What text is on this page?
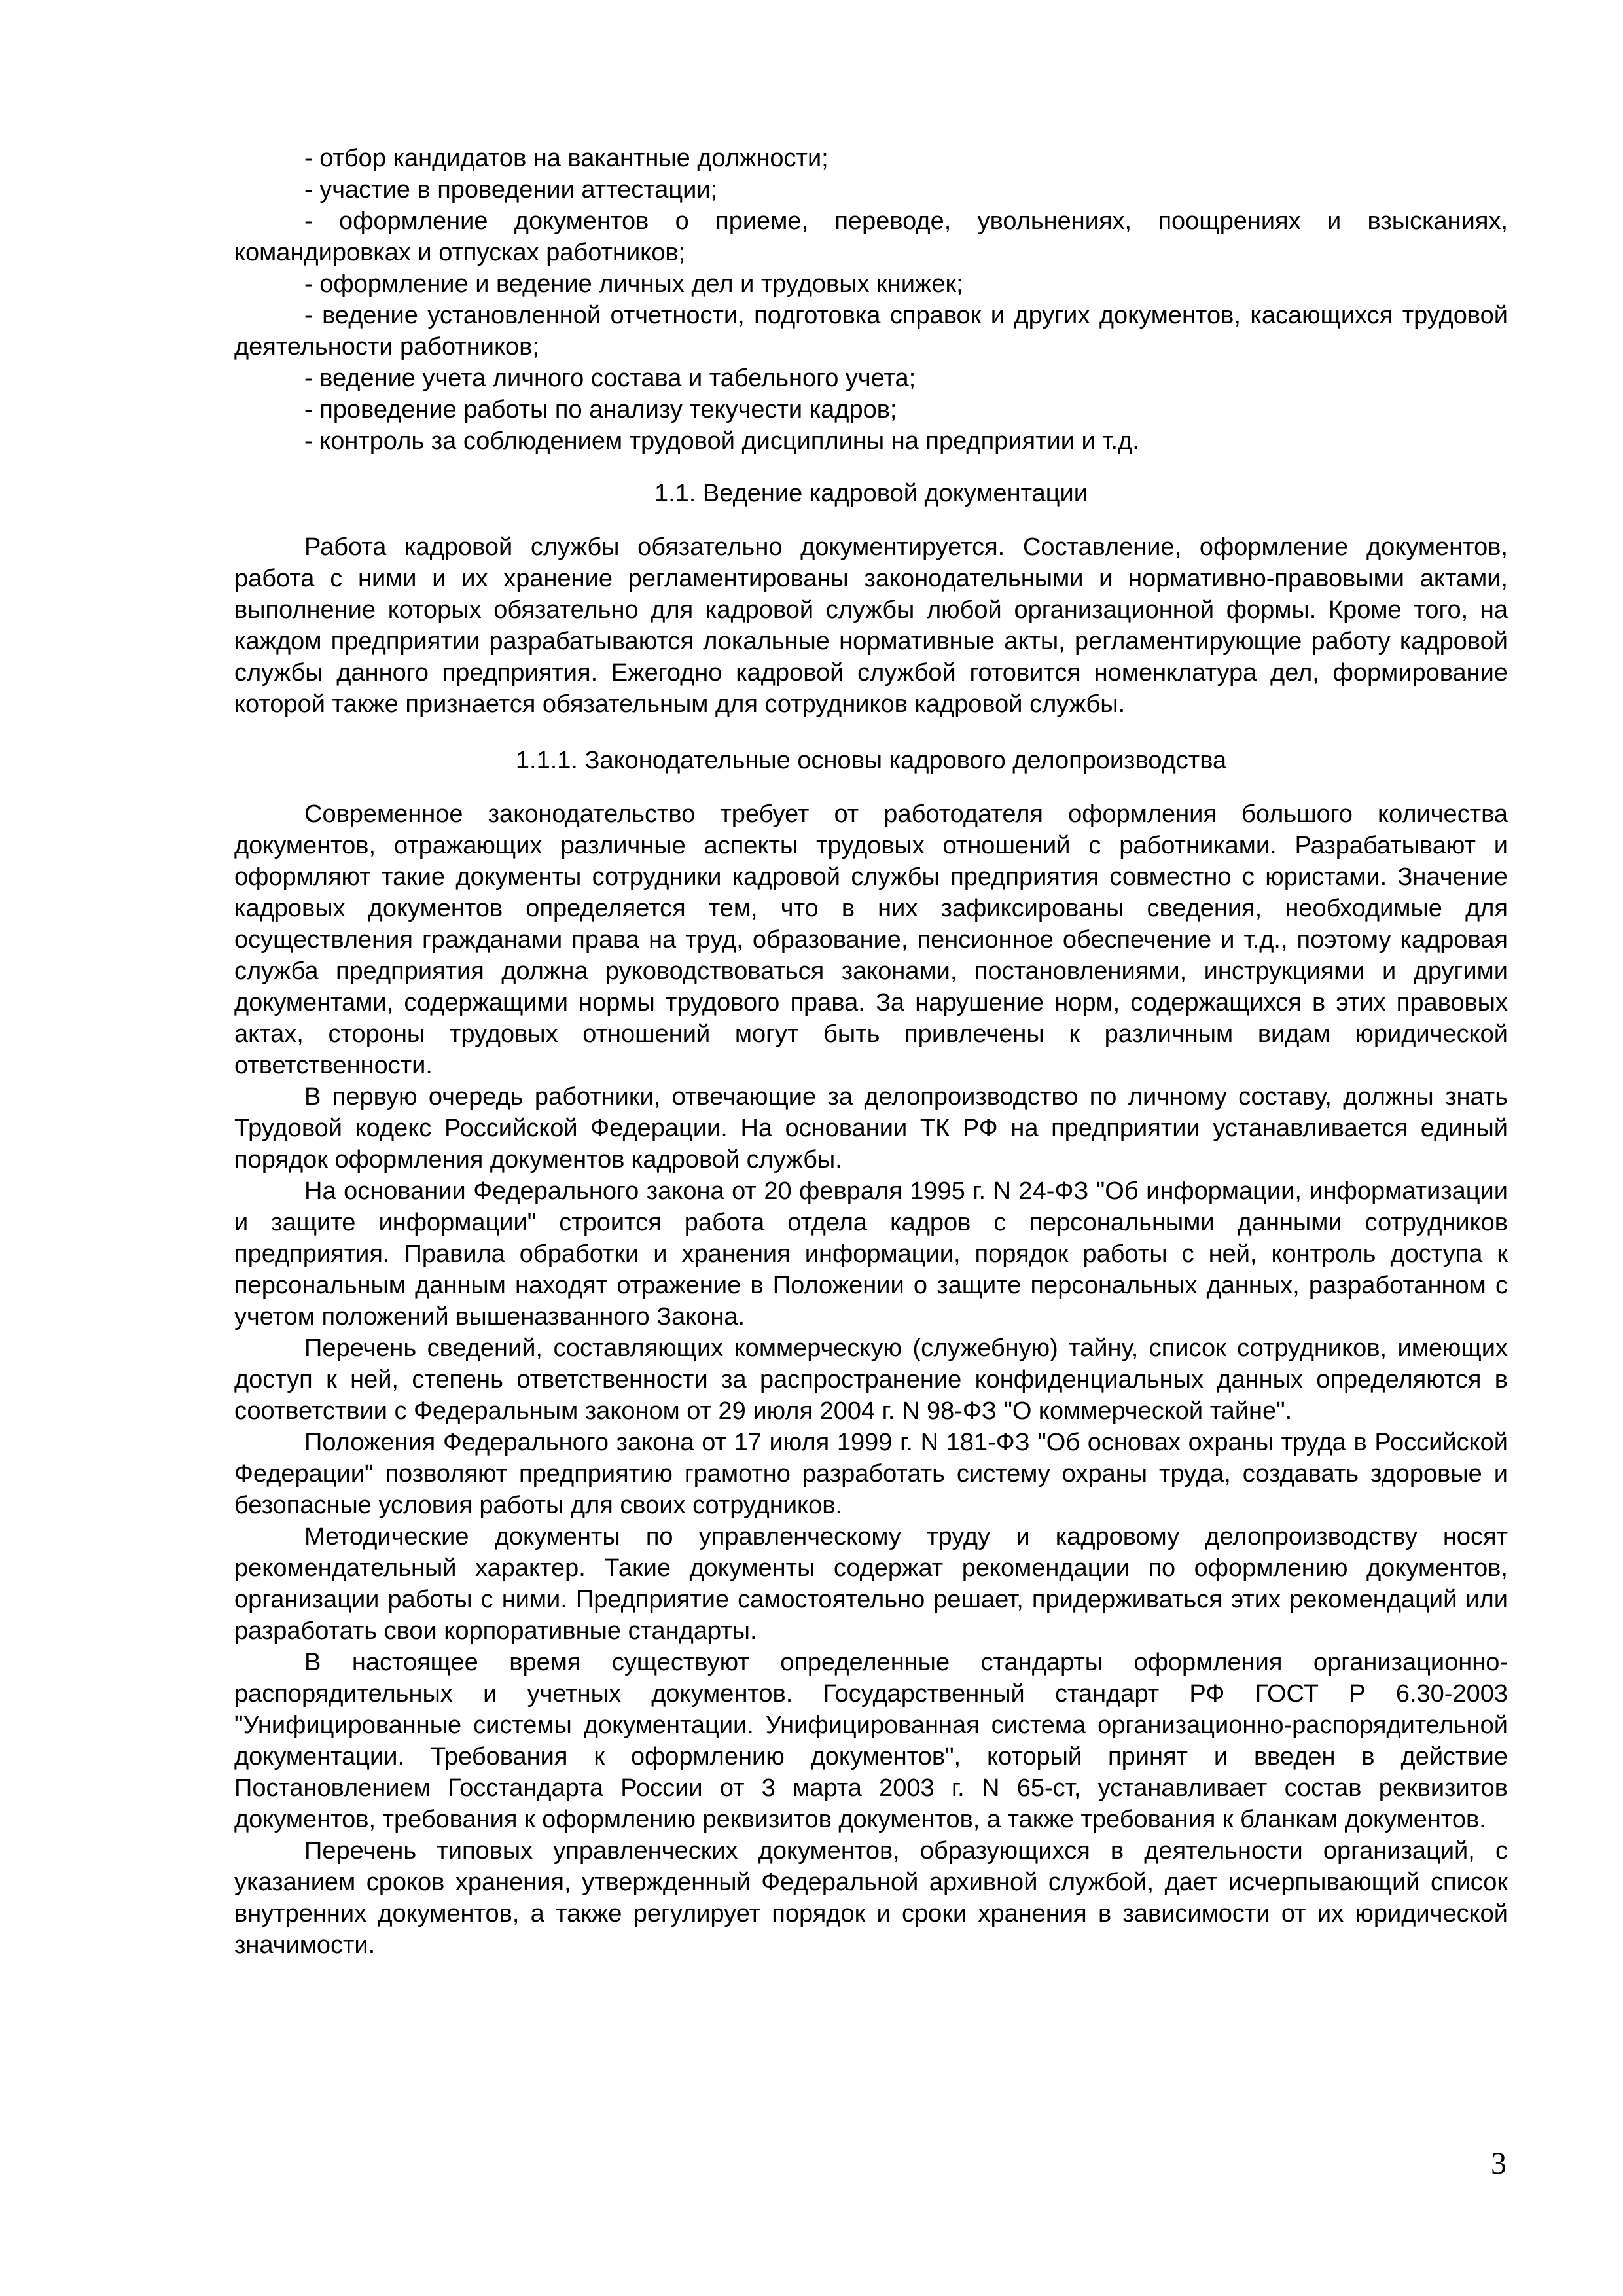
- отбор кандидатов на вакантные должности;

- участие в проведении аттестации;

- оформление документов о приеме, переводе, увольнениях, поощрениях и взысканиях, командировках и отпусках работников;

- оформление и ведение личных дел и трудовых книжек;

- ведение установленной отчетности, подготовка справок и других документов, касающихся трудовой деятельности работников;

- ведение учета личного состава и табельного учета;

- проведение работы по анализу текучести кадров;

- контроль за соблюдением трудовой дисциплины на предприятии и т.д.

1.1. Ведение кадровой документации

Работа кадровой службы обязательно документируется. Составление, оформление документов, работа с ними и их хранение регламентированы законодательными и нормативно-правовыми актами, выполнение которых обязательно для кадровой службы любой организационной формы. Кроме того, на каждом предприятии разрабатываются локальные нормативные акты, регламентирующие работу кадровой службы данного предприятия. Ежегодно кадровой службой готовится номенклатура дел, формирование которой также признается обязательным для сотрудников кадровой службы.

1.1.1. Законодательные основы кадрового делопроизводства

Современное законодательство требует от работодателя оформления большого количества документов, отражающих различные аспекты трудовых отношений с работниками. Разрабатывают и оформляют такие документы сотрудники кадровой службы предприятия совместно с юристами. Значение кадровых документов определяется тем, что в них зафиксированы сведения, необходимые для осуществления гражданами права на труд, образование, пенсионное обеспечение и т.д., поэтому кадровая служба предприятия должна руководствоваться законами, постановлениями, инструкциями и другими документами, содержащими нормы трудового права. За нарушение норм, содержащихся в этих правовых актах, стороны трудовых отношений могут быть привлечены к различным видам юридической ответственности.

В первую очередь работники, отвечающие за делопроизводство по личному составу, должны знать Трудовой кодекс Российской Федерации. На основании ТК РФ на предприятии устанавливается единый порядок оформления документов кадровой службы.

На основании Федерального закона от 20 февраля 1995 г. N 24-ФЗ "Об информации, информатизации и защите информации" строится работа отдела кадров с персональными данными сотрудников предприятия. Правила обработки и хранения информации, порядок работы с ней, контроль доступа к персональным данным находят отражение в Положении о защите персональных данных, разработанном с учетом положений вышеназванного Закона.

Перечень сведений, составляющих коммерческую (служебную) тайну, список сотрудников, имеющих доступ к ней, степень ответственности за распространение конфиденциальных данных определяются в соответствии с Федеральным законом от 29 июля 2004 г. N 98-ФЗ "О коммерческой тайне".

Положения Федерального закона от 17 июля 1999 г. N 181-ФЗ "Об основах охраны труда в Российской Федерации" позволяют предприятию грамотно разработать систему охраны труда, создавать здоровые и безопасные условия работы для своих сотрудников.

Методические документы по управленческому труду и кадровому делопроизводству носят рекомендательный характер. Такие документы содержат рекомендации по оформлению документов, организации работы с ними. Предприятие самостоятельно решает, придерживаться этих рекомендаций или разработать свои корпоративные стандарты.

В настоящее время существуют определенные стандарты оформления организационно-распорядительных и учетных документов. Государственный стандарт РФ ГОСТ Р 6.30-2003 "Унифицированные системы документации. Унифицированная система организационно-распорядительной документации. Требования к оформлению документов", который принят и введен в действие Постановлением Госстандарта России от 3 марта 2003 г. N 65-ст, устанавливает состав реквизитов документов, требования к оформлению реквизитов документов, а также требования к бланкам документов.

Перечень типовых управленческих документов, образующихся в деятельности организаций, с указанием сроков хранения, утвержденный Федеральной архивной службой, дает исчерпывающий список внутренних документов, а также регулирует порядок и сроки хранения в зависимости от их юридической значимости.

3
